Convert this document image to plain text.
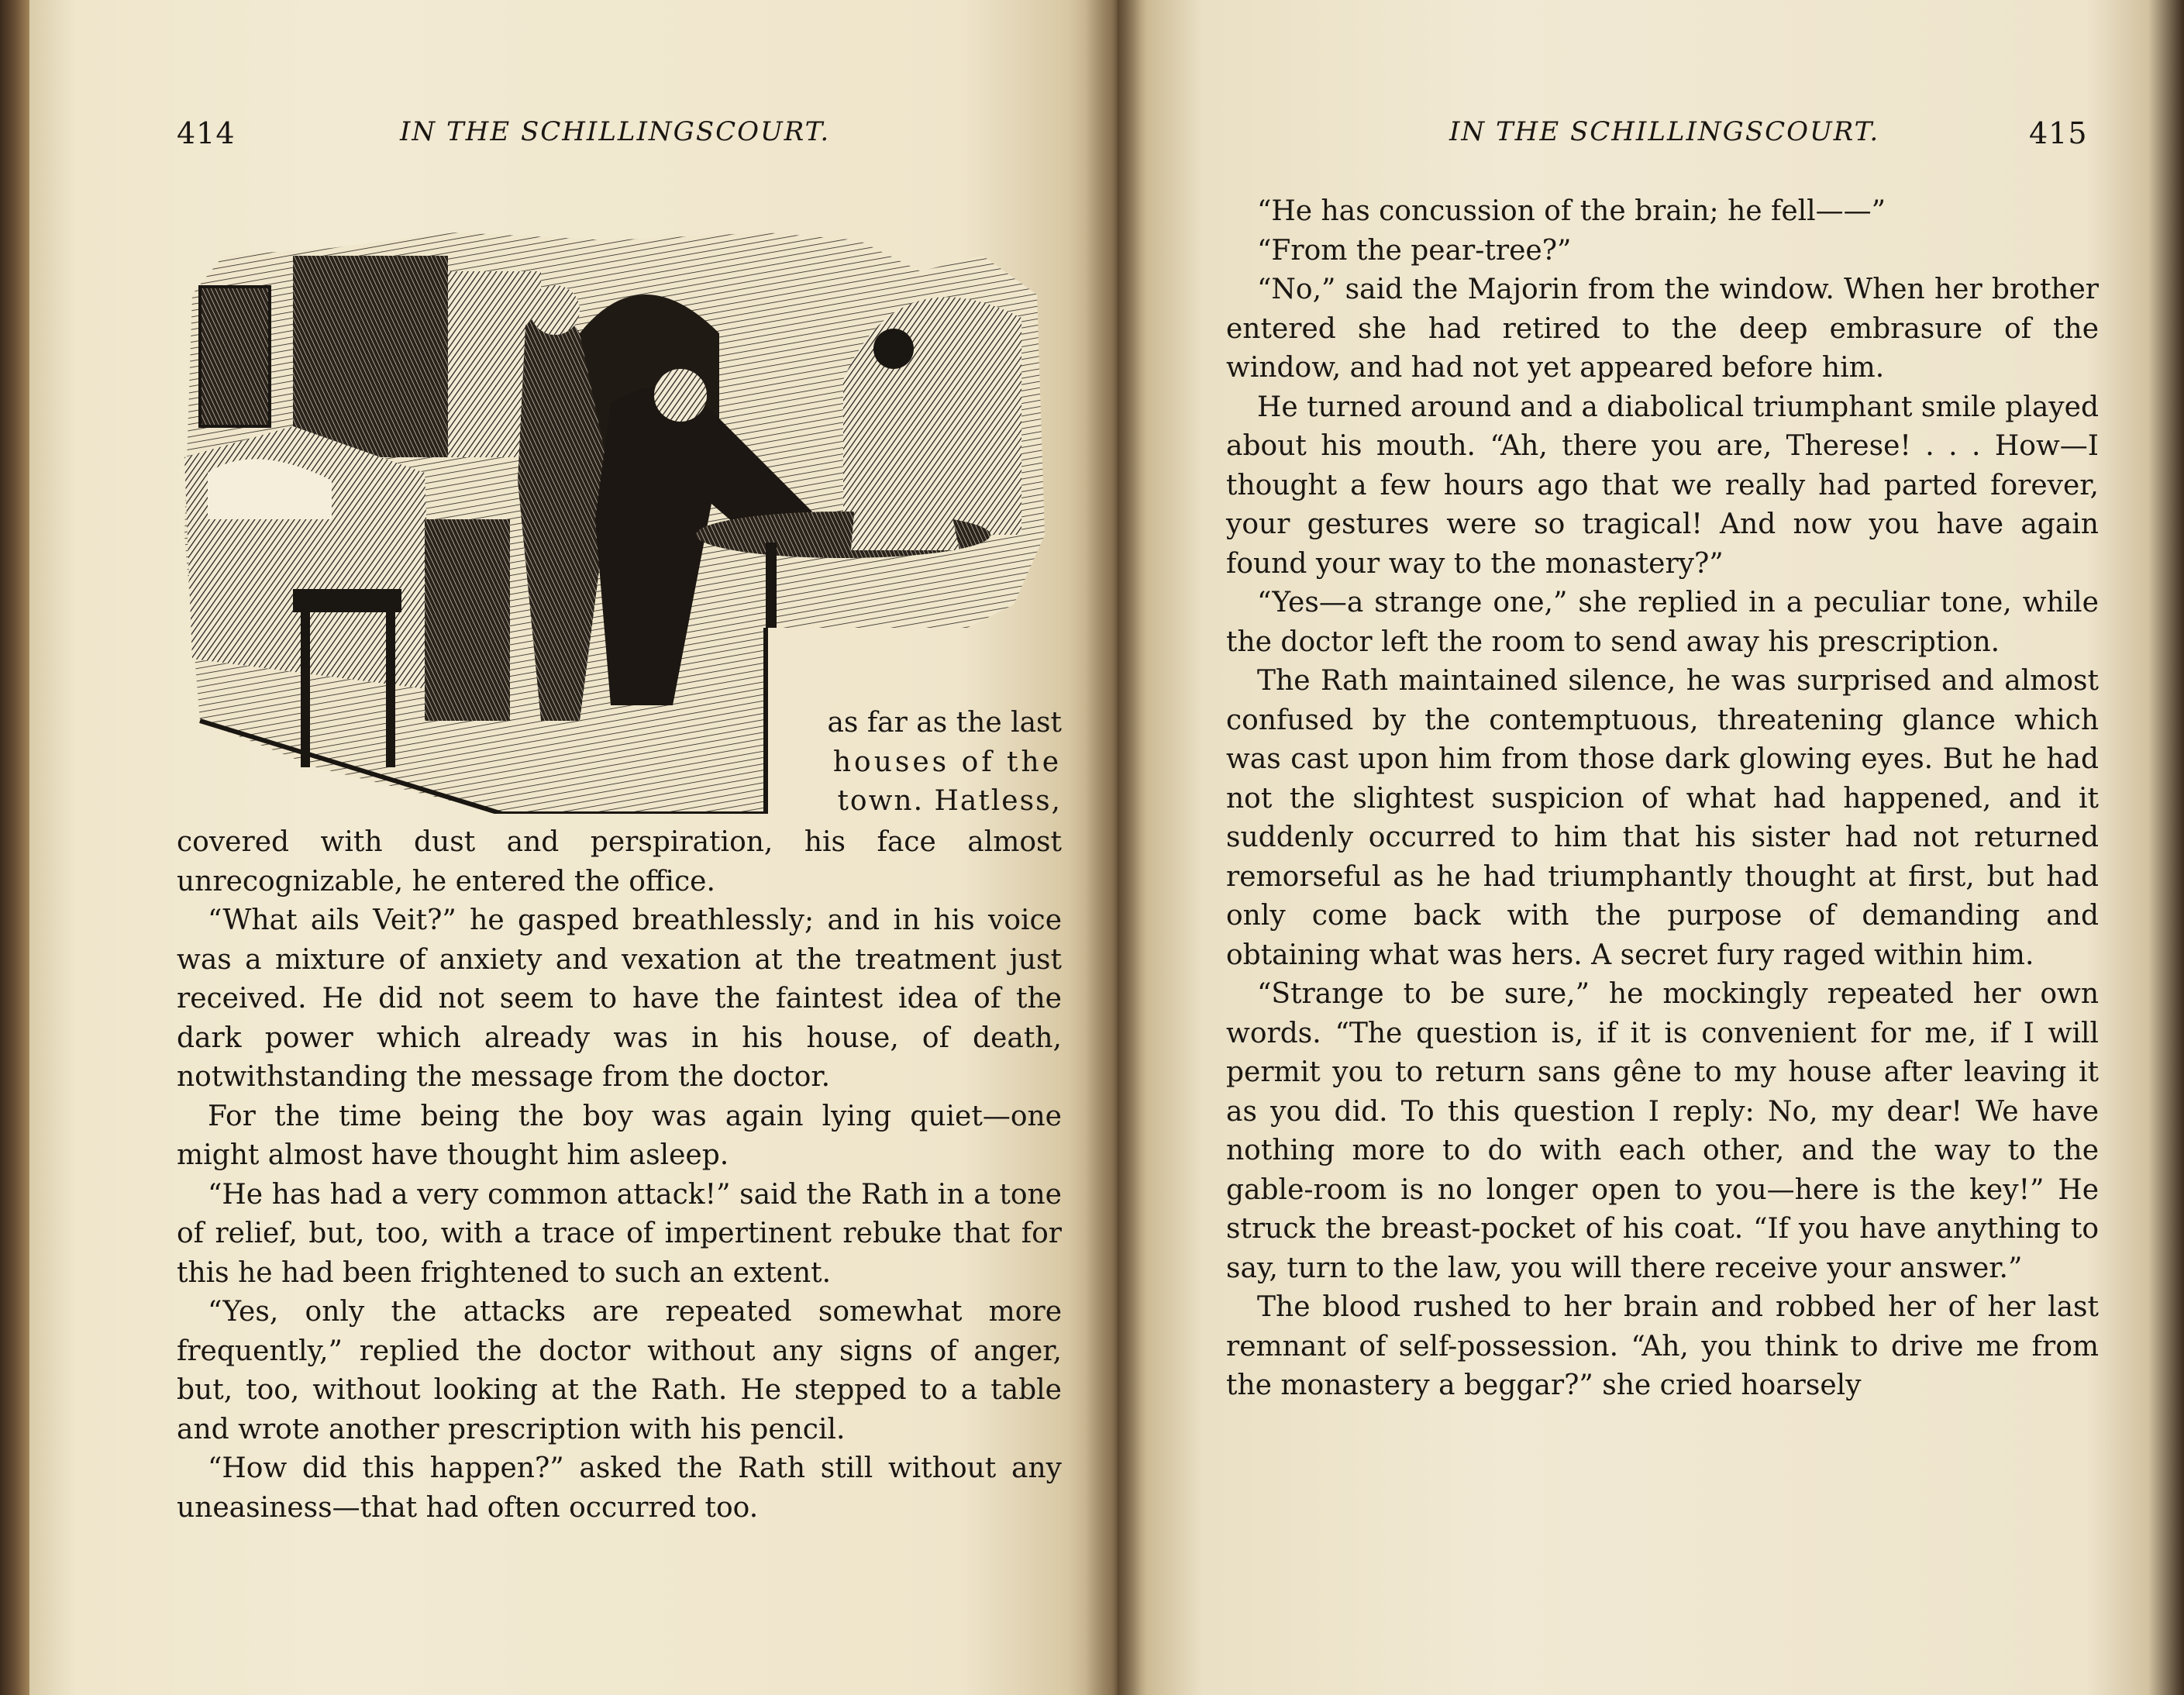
414	IN THE SCHILLINGSCOURT.
as far as the last
houses of the
town. Hatless,

covered with dust and perspiration, his face almost unrecognizable, he entered the office.

“What ails Veit?” he gasped breathlessly; and in his voice was a mixture of anxiety and vexation at the treatment just received. He did not seem to have the faintest idea of the dark power which already was in his house, of death, notwithstanding the message from the doctor.

For the time being the boy was again lying quiet—one might almost have thought him asleep.

“He has had a very common attack!” said the Rath in a tone of relief, but, too, with a trace of impertinent rebuke that for this he had been frightened to such an extent.

“Yes, only the attacks are repeated somewhat more frequently,” replied the doctor without any signs of anger, but, too, without looking at the Rath. He stepped to a table and wrote another prescription with his pencil.

“How did this happen?” asked the Rath still without any uneasiness—that had often occurred too.

IN THE SCHILLINGSCOURT.	415

“He has concussion of the brain; he fell——”

“From the pear-tree?”

“No,” said the Majorin from the window. When her brother entered she had retired to the deep embrasure of the window, and had not yet appeared before him.

He turned around and a diabolical triumphant smile played about his mouth. “Ah, there you are, Therese! . . . How—I thought a few hours ago that we really had parted forever, your gestures were so tragical! And now you have again found your way to the monastery?”

“Yes—a strange one,” she replied in a peculiar tone, while the doctor left the room to send away his prescription.

The Rath maintained silence, he was surprised and almost confused by the contemptuous, threatening glance which was cast upon him from those dark glowing eyes. But he had not the slightest suspicion of what had happened, and it suddenly occurred to him that his sister had not returned remorseful as he had triumphantly thought at first, but had only come back with the purpose of demanding and obtaining what was hers. A secret fury raged within him.

“Strange to be sure,” he mockingly repeated her own words. “The question is, if it is convenient for me, if I will permit you to return sans gêne to my house after leaving it as you did. To this question I reply: No, my dear! We have nothing more to do with each other, and the way to the gable-room is no longer open to you—here is the key!” He struck the breast-pocket of his coat. “If you have anything to say, turn to the law, you will there receive your answer.”

The blood rushed to her brain and robbed her of her last remnant of self-possession. “Ah, you think to drive me from the monastery a beggar?” she cried hoarsely
